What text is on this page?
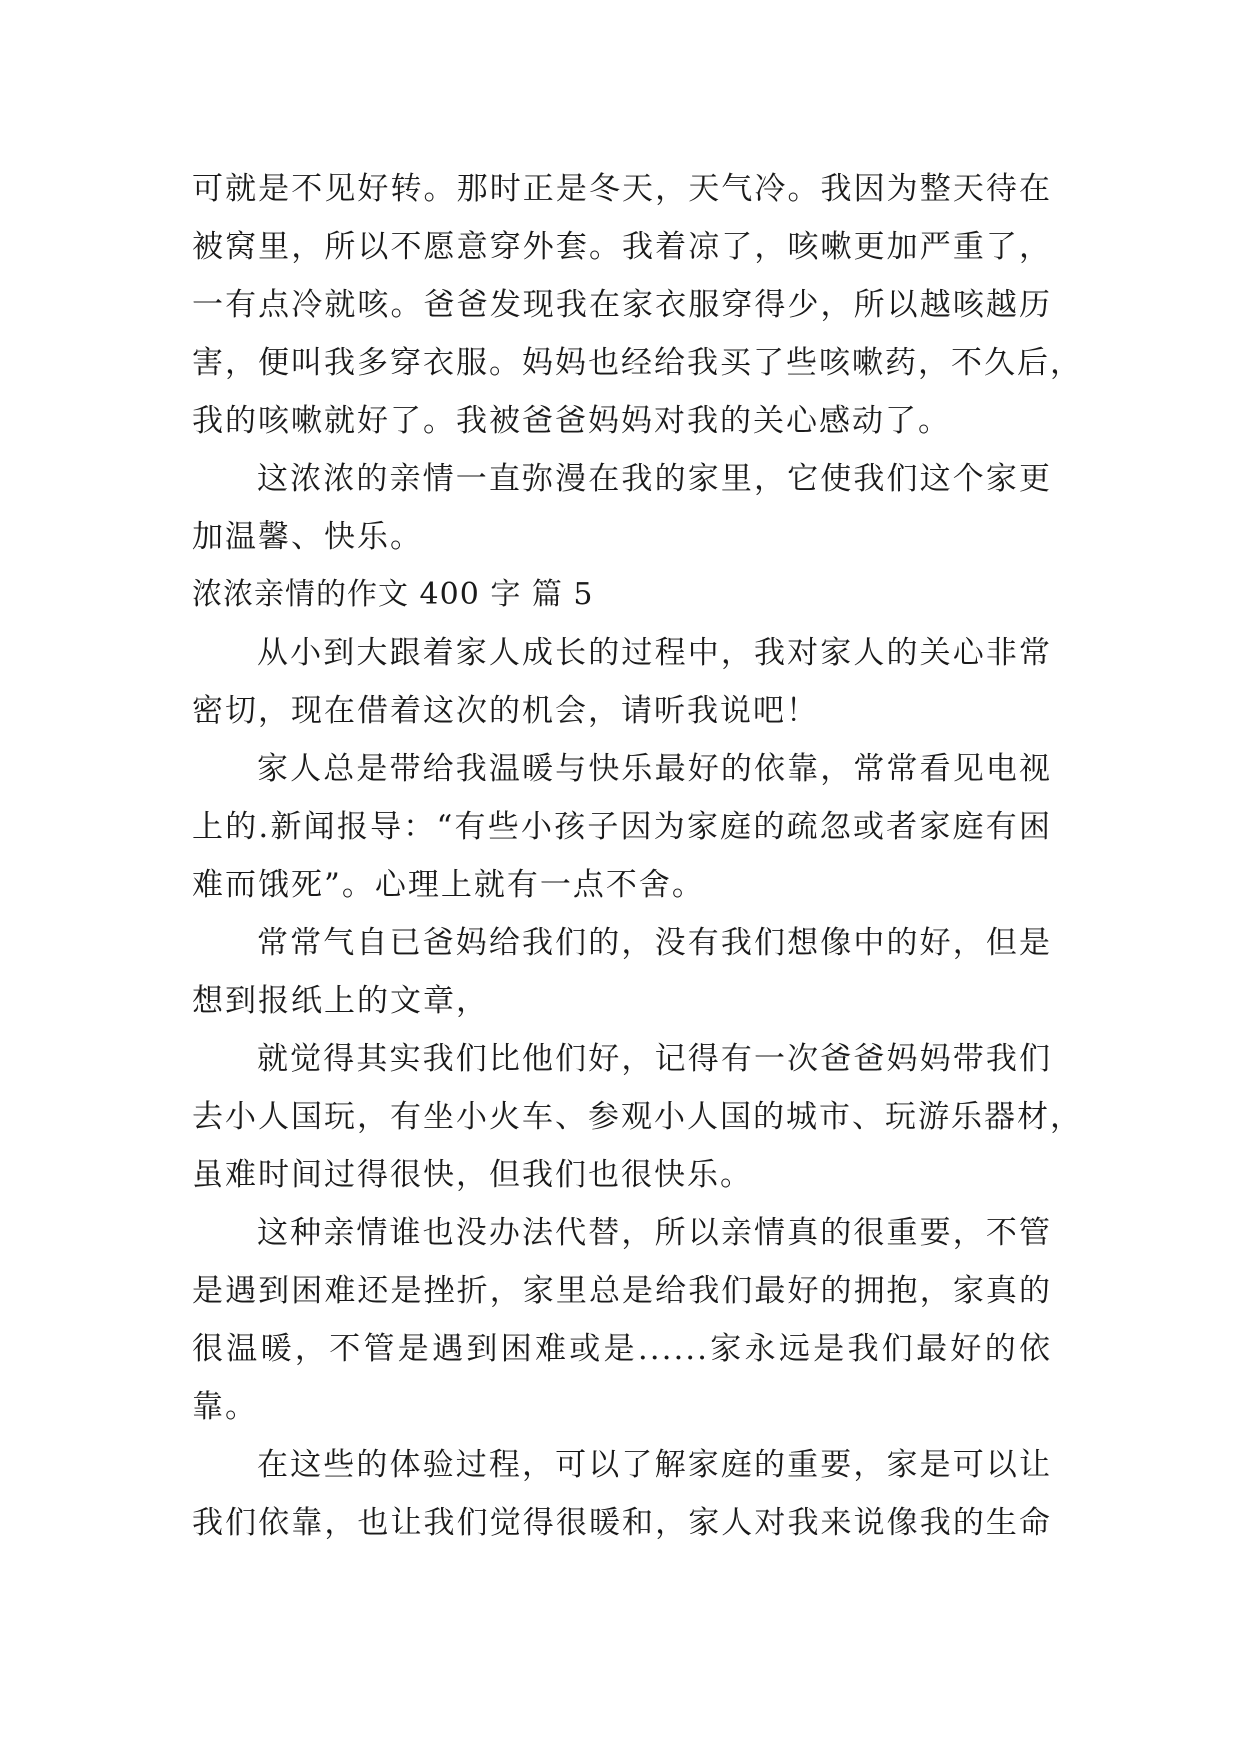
可就是不见好转。那时正是冬天，天气冷。我因为整天待在
被窝里，所以不愿意穿外套。我着凉了，咳嗽更加严重了，
一有点冷就咳。爸爸发现我在家衣服穿得少，所以越咳越历
害，便叫我多穿衣服。妈妈也经给我买了些咳嗽药，不久后，
我的咳嗽就好了。我被爸爸妈妈对我的关心感动了。
这浓浓的亲情一直弥漫在我的家里，它使我们这个家更
加温馨、快乐。
浓浓亲情的作文 400 字 篇 5
从小到大跟着家人成长的过程中，我对家人的关心非常
密切，现在借着这次的机会，请听我说吧！
家人总是带给我温暖与快乐最好的依靠，常常看见电视
上的.新闻报导：“有些小孩子因为家庭的疏忽或者家庭有困
难而饿死”。心理上就有一点不舍。
常常气自已爸妈给我们的，没有我们想像中的好，但是
想到报纸上的文章，
就觉得其实我们比他们好，记得有一次爸爸妈妈带我们
去小人国玩，有坐小火车、参观小人国的城市、玩游乐器材，
虽难时间过得很快，但我们也很快乐。
这种亲情谁也没办法代替，所以亲情真的很重要，不管
是遇到困难还是挫折，家里总是给我们最好的拥抱，家真的
很温暖，不管是遇到困难或是......家永远是我们最好的依
靠。
在这些的体验过程，可以了解家庭的重要，家是可以让
我们依靠，也让我们觉得很暖和，家人对我来说像我的生命
